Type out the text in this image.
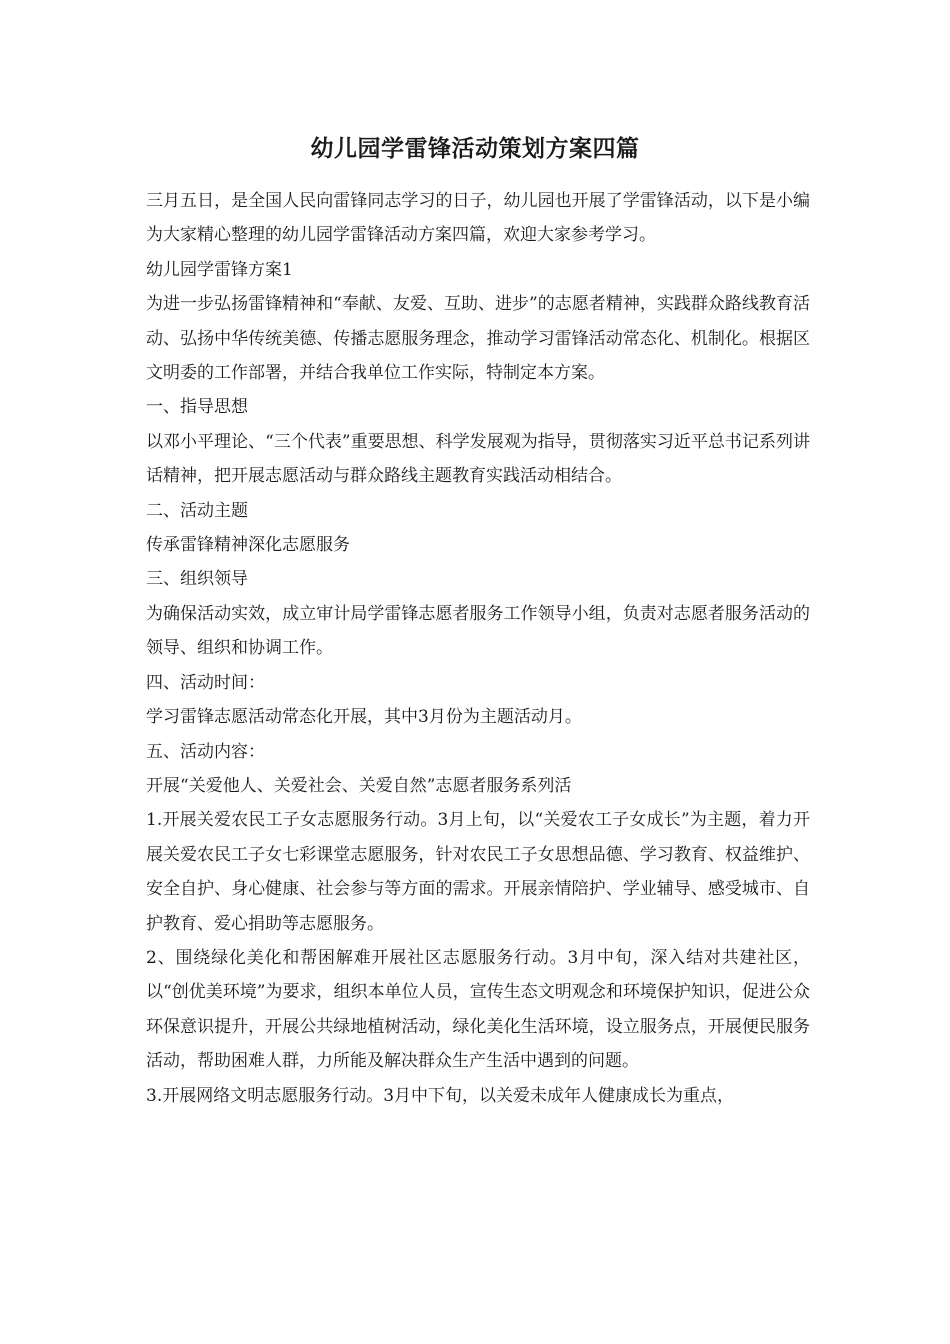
幼儿园学雷锋活动策划方案四篇

三月五日，是全国人民向雷锋同志学习的日子，幼儿园也开展了学雷锋活动，以下是小编为大家精心整理的幼儿园学雷锋活动方案四篇，欢迎大家参考学习。

幼儿园学雷锋方案1

为进一步弘扬雷锋精神和“奉献、友爱、互助、进步”的志愿者精神，实践群众路线教育活动、弘扬中华传统美德、传播志愿服务理念，推动学习雷锋活动常态化、机制化。根据区文明委的工作部署，并结合我单位工作实际，特制定本方案。

一、指导思想

以邓小平理论、“三个代表”重要思想、科学发展观为指导，贯彻落实习近平总书记系列讲话精神，把开展志愿活动与群众路线主题教育实践活动相结合。

二、活动主题

传承雷锋精神深化志愿服务

三、组织领导

为确保活动实效，成立审计局学雷锋志愿者服务工作领导小组，负责对志愿者服务活动的领导、组织和协调工作。

四、活动时间：

学习雷锋志愿活动常态化开展，其中3月份为主题活动月。

五、活动内容：

开展“关爱他人、关爱社会、关爱自然”志愿者服务系列活

1.开展关爱农民工子女志愿服务行动。3月上旬，以“关爱农工子女成长”为主题，着力开展关爱农民工子女七彩课堂志愿服务，针对农民工子女思想品德、学习教育、权益维护、安全自护、身心健康、社会参与等方面的需求。开展亲情陪护、学业辅导、感受城市、自护教育、爱心捐助等志愿服务。

2、围绕绿化美化和帮困解难开展社区志愿服务行动。3月中旬，深入结对共建社区，以“创优美环境”为要求，组织本单位人员，宣传生态文明观念和环境保护知识，促进公众环保意识提升，开展公共绿地植树活动，绿化美化生活环境，设立服务点，开展便民服务活动，帮助困难人群，力所能及解决群众生产生活中遇到的问题。

3.开展网络文明志愿服务行动。3月中下旬，以关爱未成年人健康成长为重点，
